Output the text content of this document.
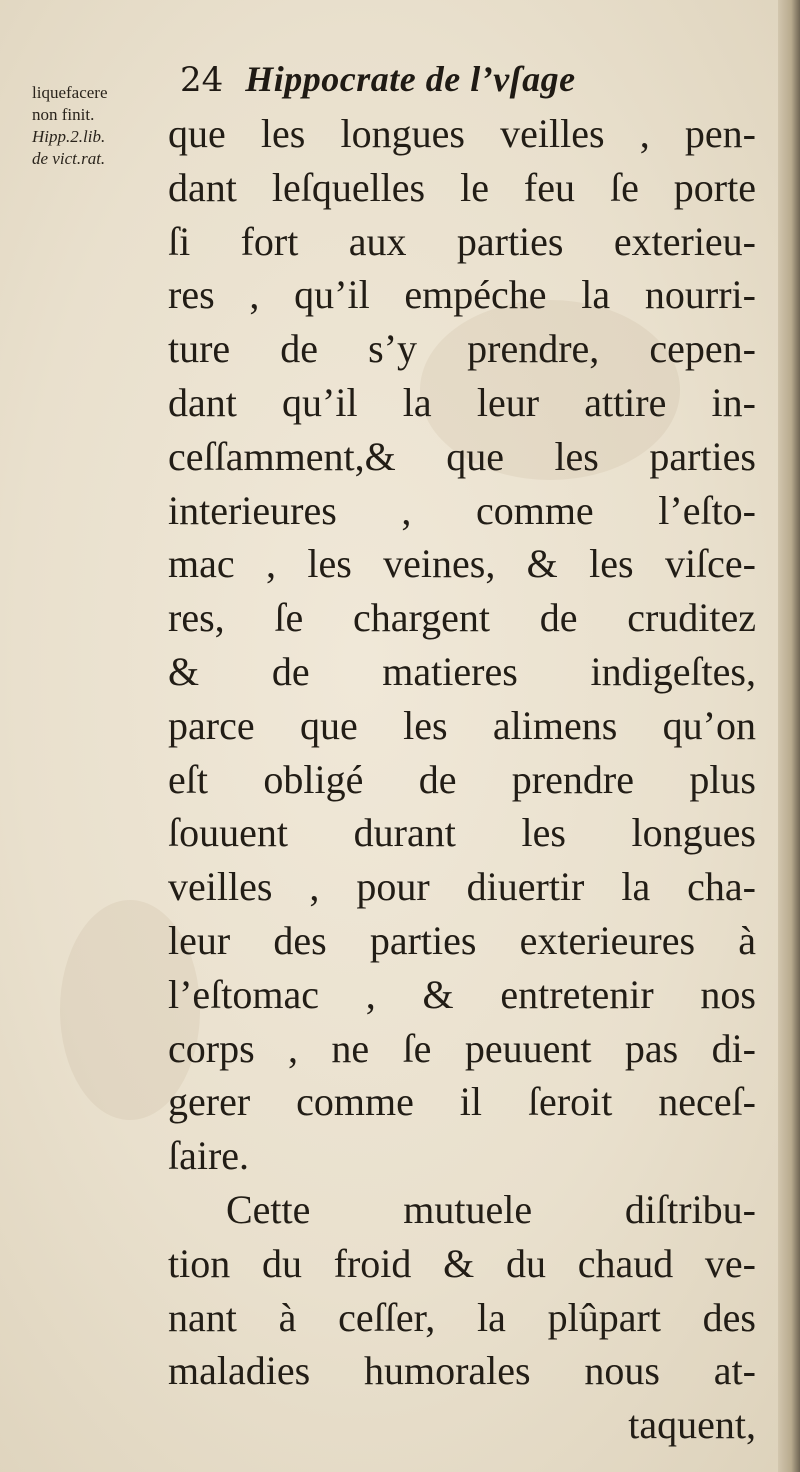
24 Hippocrate de l’vſage
liquefacere
non finit.
Hipp.2.lib.
de vict.rat.
que les longues veilles , pen-
dant leſquelles le feu ſe porte
ſi fort aux parties exterieu-
res , qu’il empéche la nourri-
ture de s’y prendre, cepen-
dant qu’il la leur attire in-
ceſſamment,& que les parties
interieures , comme l’eſto-
mac , les veines, & les viſce-
res, ſe chargent de cruditez
& de matieres indigeſtes,
parce que les alimens qu’on
eſt obligé de prendre plus
ſouuent durant les longues
veilles , pour diuertir la cha-
leur des parties exterieures à
l’eſtomac , & entretenir nos
corps , ne ſe peuuent pas di-
gerer comme il ſeroit neceſ-
ſaire.
Cette mutuele diſtribu-
tion du froid & du chaud ve-
nant à ceſſer, la plûpart des
maladies humorales nous at-
taquent,
